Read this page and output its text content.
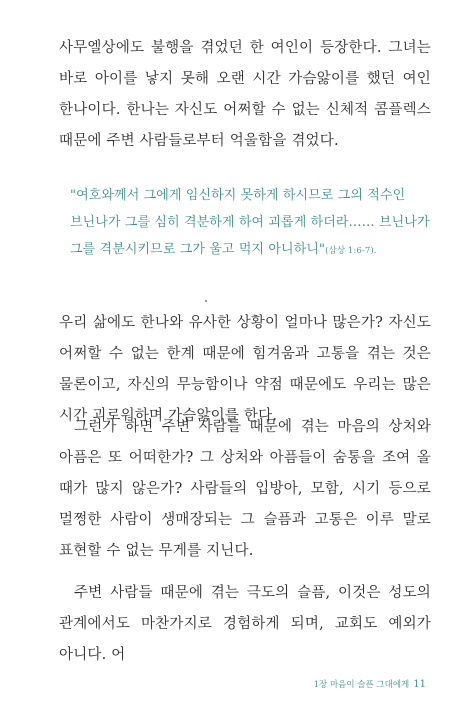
사무엘상에도 불행을 겪었던 한 여인이 등장한다. 그녀는 바로 아이를 낳지 못해 오랜 시간 가슴앓이를 했던 여인 한나이다. 한나는 자신도 어쩌할 수 없는 신체적 콤플렉스 때문에 주변 사람들로부터 억울함을 겪었다.
"여호와께서 그에게 임신하지 못하게 하시므로 그의 적수인 브닌나가 그를 심히 격분하게 하여 괴롭게 하더라…… 브닌나가 그를 격분시키므로 그가 울고 먹지 아니하니"(삼상 1:6-7).
우리 삶에도 한나와 유사한 상황이 얼마나 많은가? 자신도 어쩌할 수 없는 한계 때문에 힘겨움과 고통을 겪는 것은 물론이고, 자신의 무능함이나 약점 때문에도 우리는 많은 시간 괴로워하며 가슴앓이를 한다.
그런가 하면 주변 사람들 때문에 겪는 마음의 상처와 아픔은 또 어떠한가? 그 상처와 아픔들이 숨통을 조여 올 때가 많지 않은가? 사람들의 입방아, 모함, 시기 등으로 멀쩡한 사람이 생매장되는 그 슬픔과 고통은 이루 말로 표현할 수 없는 무게를 지닌다.
주변 사람들 때문에 겪는 극도의 슬픔, 이것은 성도의 관계에서도 마찬가지로 경험하게 되며, 교회도 예외가 아니다. 어
1장 마음이 슬픈 그대에게 11
